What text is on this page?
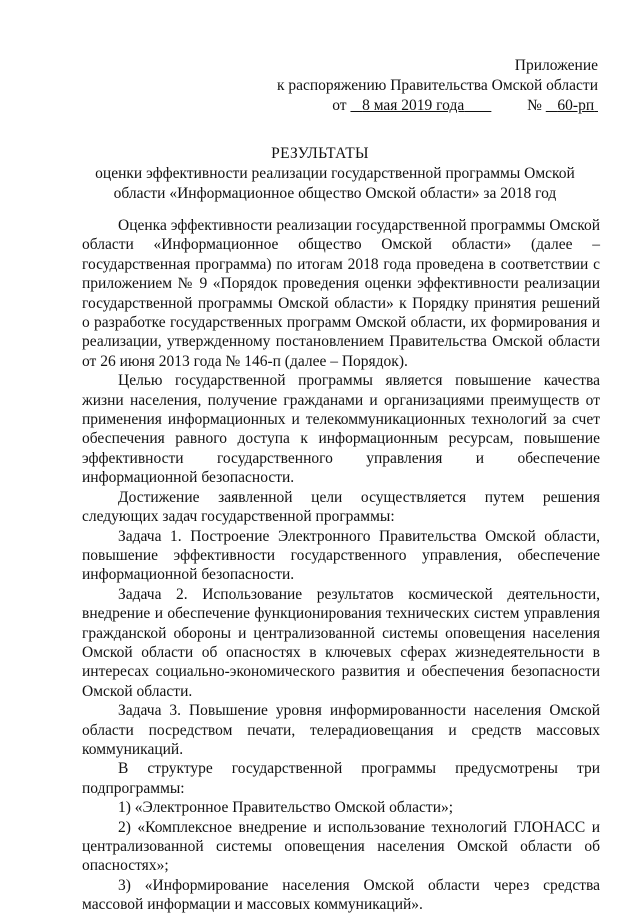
Приложение
к распоряжению Правительства Омской области
от 8 мая 2019 года	№ 60-рп
РЕЗУЛЬТАТЫ
оценки эффективности реализации государственной программы Омской области «Информационное общество Омской области» за 2018 год

Оценка эффективности реализации государственной программы Омской области «Информационное общество Омской области» (далее – государственная программа) по итогам 2018 года проведена в соответствии с приложением № 9 «Порядок проведения оценки эффективности реализации государственной программы Омской области» к Порядку принятия решений о разработке государственных программ Омской области, их формирования и реализации, утвержденному постановлением Правительства Омской области от 26 июня 2013 года № 146-п (далее – Порядок).

Целью государственной программы является повышение качества жизни населения, получение гражданами и организациями преимуществ от применения информационных и телекоммуникационных технологий за счет обеспечения равного доступа к информационным ресурсам, повышение эффективности государственного управления и обеспечение информационной безопасности.

Достижение заявленной цели осуществляется путем решения следующих задач государственной программы:

Задача 1. Построение Электронного Правительства Омской области, повышение эффективности государственного управления, обеспечение информационной безопасности.

Задача 2. Использование результатов космической деятельности, внедрение и обеспечение функционирования технических систем управления гражданской обороны и централизованной системы оповещения населения Омской области об опасностях в ключевых сферах жизнедеятельности в интересах социально-экономического развития и обеспечения безопасности Омской области.

Задача 3. Повышение уровня информированности населения Омской области посредством печати, телерадиовещания и средств массовых коммуникаций.

В структуре государственной программы предусмотрены три подпрограммы:

1) «Электронное Правительство Омской области»;

2) «Комплексное внедрение и использование технологий ГЛОНАСС и централизованной системы оповещения населения Омской области об опасностях»;

3) «Информирование населения Омской области через средства массовой информации и массовых коммуникаций».
